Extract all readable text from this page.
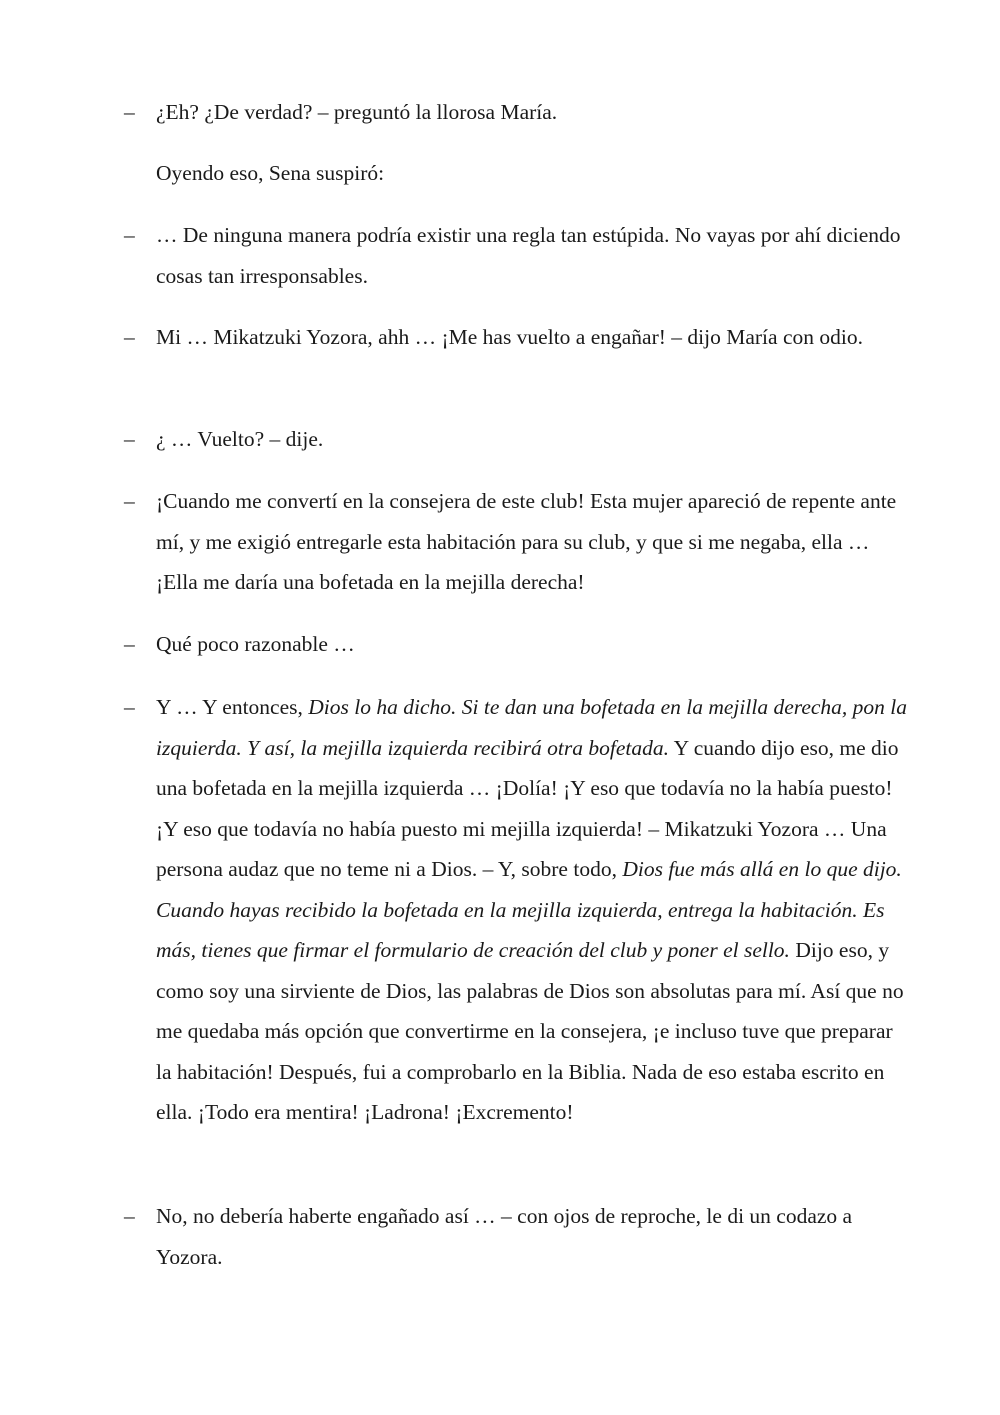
– ¿Eh? ¿De verdad? – preguntó la llorosa María.

Oyendo eso, Sena suspiró:

– … De ninguna manera podría existir una regla tan estúpida. No vayas por ahí diciendo cosas tan irresponsables.

– Mi … Mikatzuki Yozora, ahh … ¡Me has vuelto a engañar! – dijo María con odio.

– ¿ … Vuelto? – dije.

– ¡Cuando me convertí en la consejera de este club! Esta mujer apareció de repente ante mí, y me exigió entregarle esta habitación para su club, y que si me negaba, ella … ¡Ella me daría una bofetada en la mejilla derecha!

– Qué poco razonable …

– Y … Y entonces, Dios lo ha dicho. Si te dan una bofetada en la mejilla derecha, pon la izquierda. Y así, la mejilla izquierda recibirá otra bofetada. Y cuando dijo eso, me dio una bofetada en la mejilla izquierda … ¡Dolía! ¡Y eso que todavía no la había puesto! ¡Y eso que todavía no había puesto mi mejilla izquierda! – Mikatzuki Yozora … Una persona audaz que no teme ni a Dios. – Y, sobre todo, Dios fue más allá en lo que dijo. Cuando hayas recibido la bofetada en la mejilla izquierda, entrega la habitación. Es más, tienes que firmar el formulario de creación del club y poner el sello. Dijo eso, y como soy una sirviente de Dios, las palabras de Dios son absolutas para mí. Así que no me quedaba más opción que convertirme en la consejera, ¡e incluso tuve que preparar la habitación! Después, fui a comprobarlo en la Biblia. Nada de eso estaba escrito en ella. ¡Todo era mentira! ¡Ladrona! ¡Excremento!

– No, no debería haberte engañado así … – con ojos de reproche, le di un codazo a Yozora.
